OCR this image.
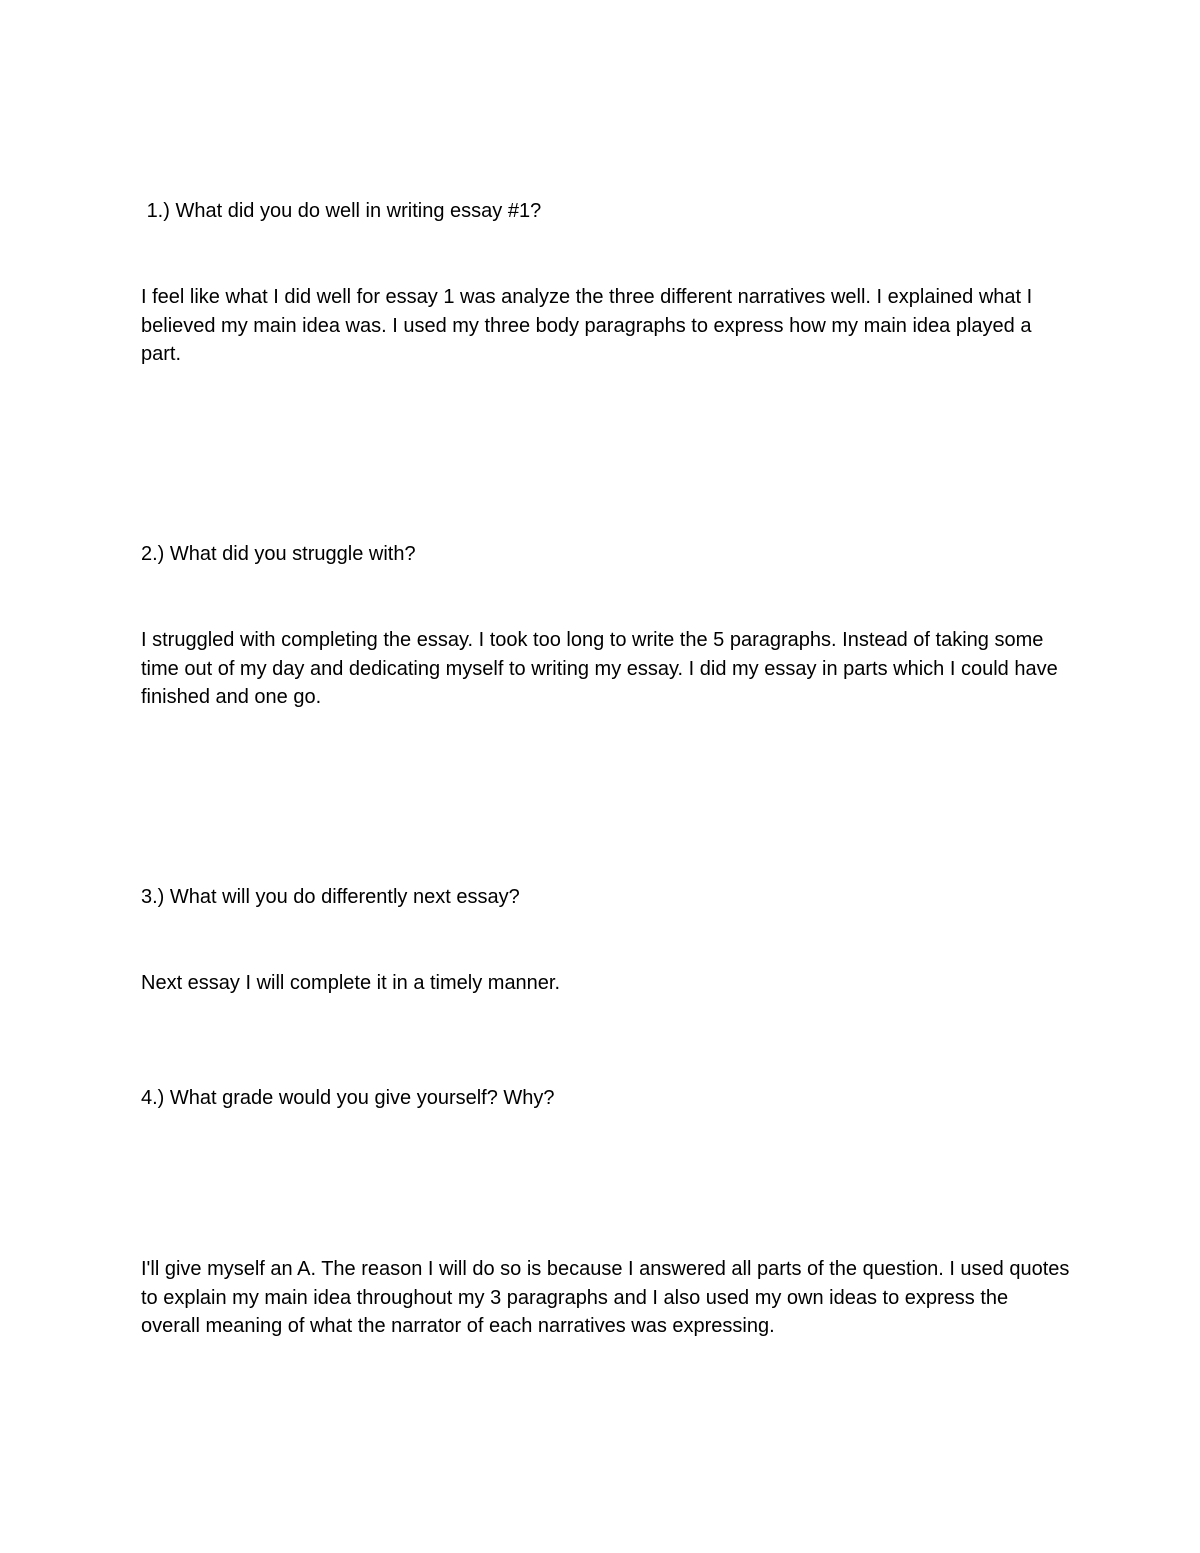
1.) What did you do well in writing essay #1?

I feel like what I did well for essay 1 was analyze the three different narratives well. I explained what I believed my main idea was. I used my three body paragraphs to express how my main idea played a part.

2.) What did you struggle with?

I struggled with completing the essay. I took too long to write the 5 paragraphs. Instead of taking some time out of my day and dedicating myself to writing my essay. I did my essay in parts which I could have finished and one go.

3.) What will you do differently next essay?

Next essay I will complete it in a timely manner.

4.) What grade would you give yourself? Why?

I'll give myself an A. The reason I will do so is because I answered all parts of the question. I used quotes to explain my main idea throughout my 3 paragraphs and I also used my own ideas to express the overall meaning of what the narrator of each narratives was expressing.
